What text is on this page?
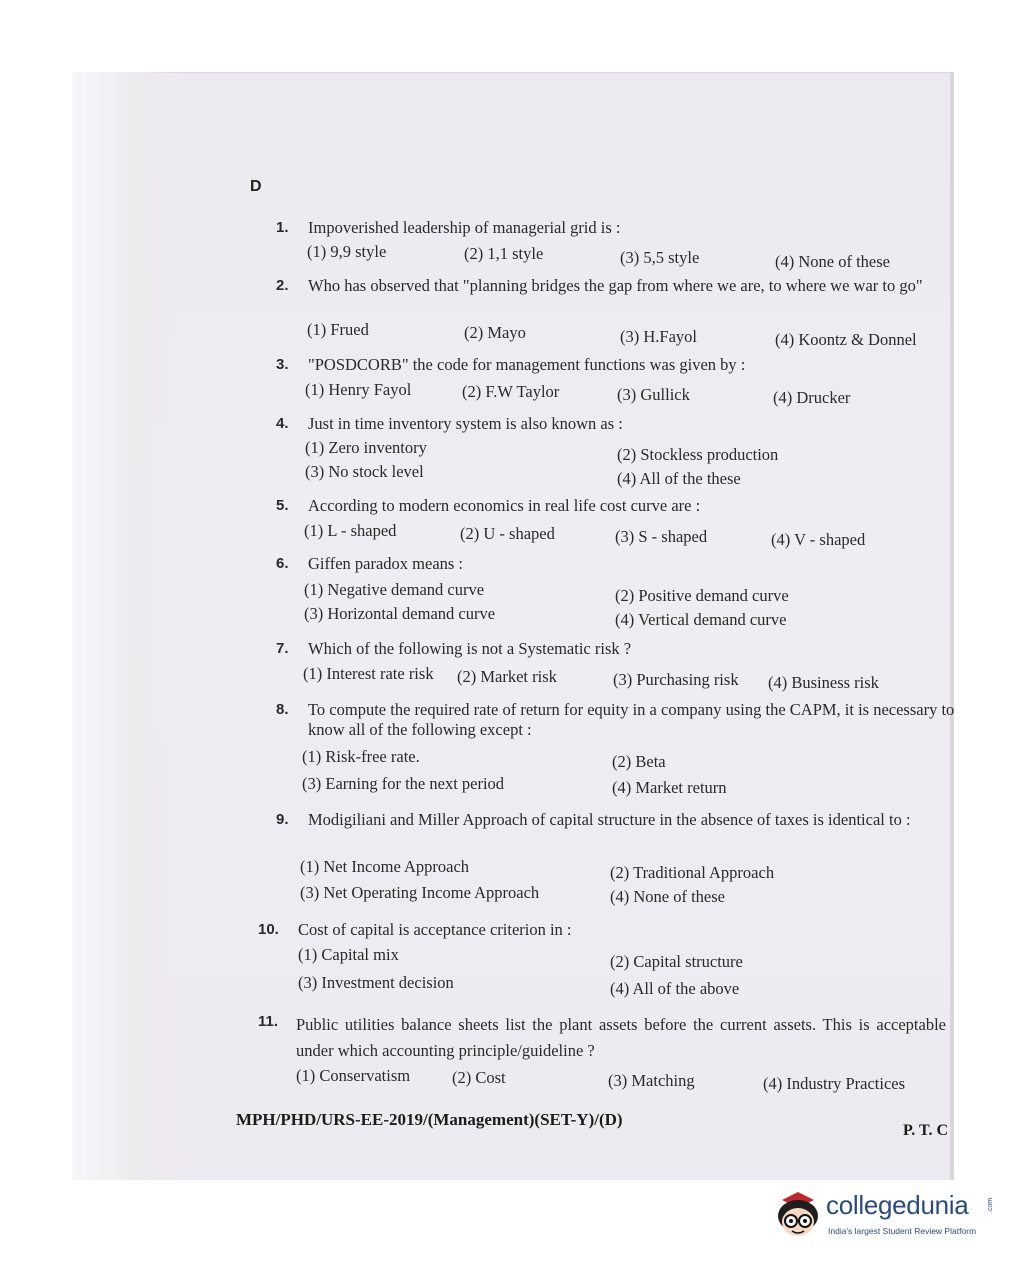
D
1. Impoverished leadership of managerial grid is :
(1) 9,9 style	(2) 1,1 style	(3) 5,5 style	(4) None of these
2. Who has observed that "planning bridges the gap from where we are, to where we war to go"
(1) Frued	(2) Mayo	(3) H.Fayol	(4) Koontz & Donnel
3. "POSDCORB" the code for management functions was given by :
(1) Henry Fayol	(2) F.W Taylor	(3) Gullick	(4) Drucker
4. Just in time inventory system is also known as :
(1) Zero inventory	(2) Stockless production
(3) No stock level	(4) All of the these
5. According to modern economics in real life cost curve are :
(1) L - shaped	(2) U - shaped	(3) S - shaped	(4) V - shaped
6. Giffen paradox means :
(1) Negative demand curve	(2) Positive demand curve
(3) Horizontal demand curve	(4) Vertical demand curve
7. Which of the following is not a Systematic risk ?
(1) Interest rate risk (2) Market risk	(3) Purchasing risk (4) Business risk
8. To compute the required rate of return for equity in a company using the CAPM, it is necessary to know all of the following except :
(1) Risk-free rate.	(2) Beta
(3) Earning for the next period	(4) Market return
9. Modigiliani and Miller Approach of capital structure in the absence of taxes is identical to :
(1) Net Income Approach	(2) Traditional Approach
(3) Net Operating Income Approach	(4) None of these
10. Cost of capital is acceptance criterion in :
(1) Capital mix	(2) Capital structure
(3) Investment decision	(4) All of the above
11. Public utilities balance sheets list the plant assets before the current assets. This is acceptable under which accounting principle/guideline ?
(1) Conservatism	(2) Cost	(3) Matching	(4) Industry Practices
MPH/PHD/URS-EE-2019/(Management)(SET-Y)/(D)
P. T. C
collegedunia	.com
India's largest Student Review Platform
